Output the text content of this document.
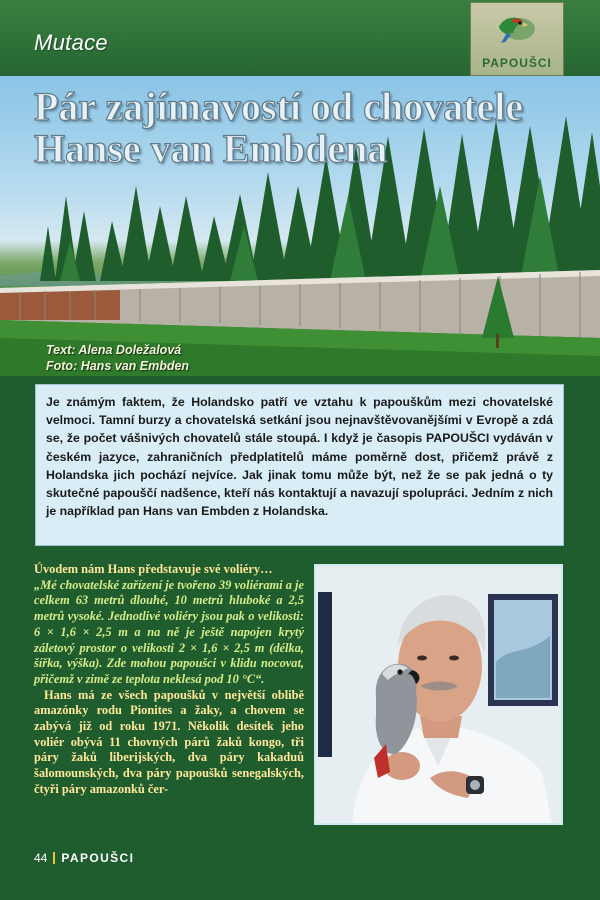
Mutace
PAPOUŠCI
Pár zajímavostí od chovatele
Hanse van Embdena
Text: Alena Doležalová
Foto: Hans van Embden

Je známým faktem, že Holandsko patří ve vztahu k papouškům mezi chovatelské velmoci. Tamní burzy a chovatelská setkání jsou nejnavštěvovanějšími v Evropě a zdá se, že počet vášnivých chovatelů stále stoupá. I když je časopis PAPOUŠCI vydáván v českém jazyce, zahraničních předplatitelů máme poměrně dost, přičemž právě z Holandska jich pochází nejvíce. Jak jinak tomu může být, než že se pak jedná o ty skutečné papouščí nadšence, kteří nás kontaktují a navazují spolupráci. Jedním z nich je například pan Hans van Embden z Holandska.

Úvodem nám Hans představuje své voliéry…

„Mé chovatelské zařízení je tvořeno 39 voliérami a je celkem 63 metrů dlouhé, 10 metrů hluboké a 2,5 metrů vysoké. Jednotlivé voliéry jsou pak o velikosti: 6 × 1,6 × 2,5 m a na ně je ještě napojen krytý záletový prostor o velikosti 2 × 1,6 × 2,5 m (délka, šířka, výška). Zde mohou papoušci v klidu nocovat, přičemž v zimě ze teplota neklesá pod 10 °C“.

Hans má ze všech papoušků v největší oblibě amazónky rodu Pionites a žaky, a chovem se zabývá již od roku 1971. Několik desítek jeho voliér obývá 11 chovných párů žaků kongo, tři páry žaků liberijských, dva páry kakaduů šalomounských, dva páry papoušků senegalských, čtyři páry amazonků čer-

44 PAPOUŠCI
